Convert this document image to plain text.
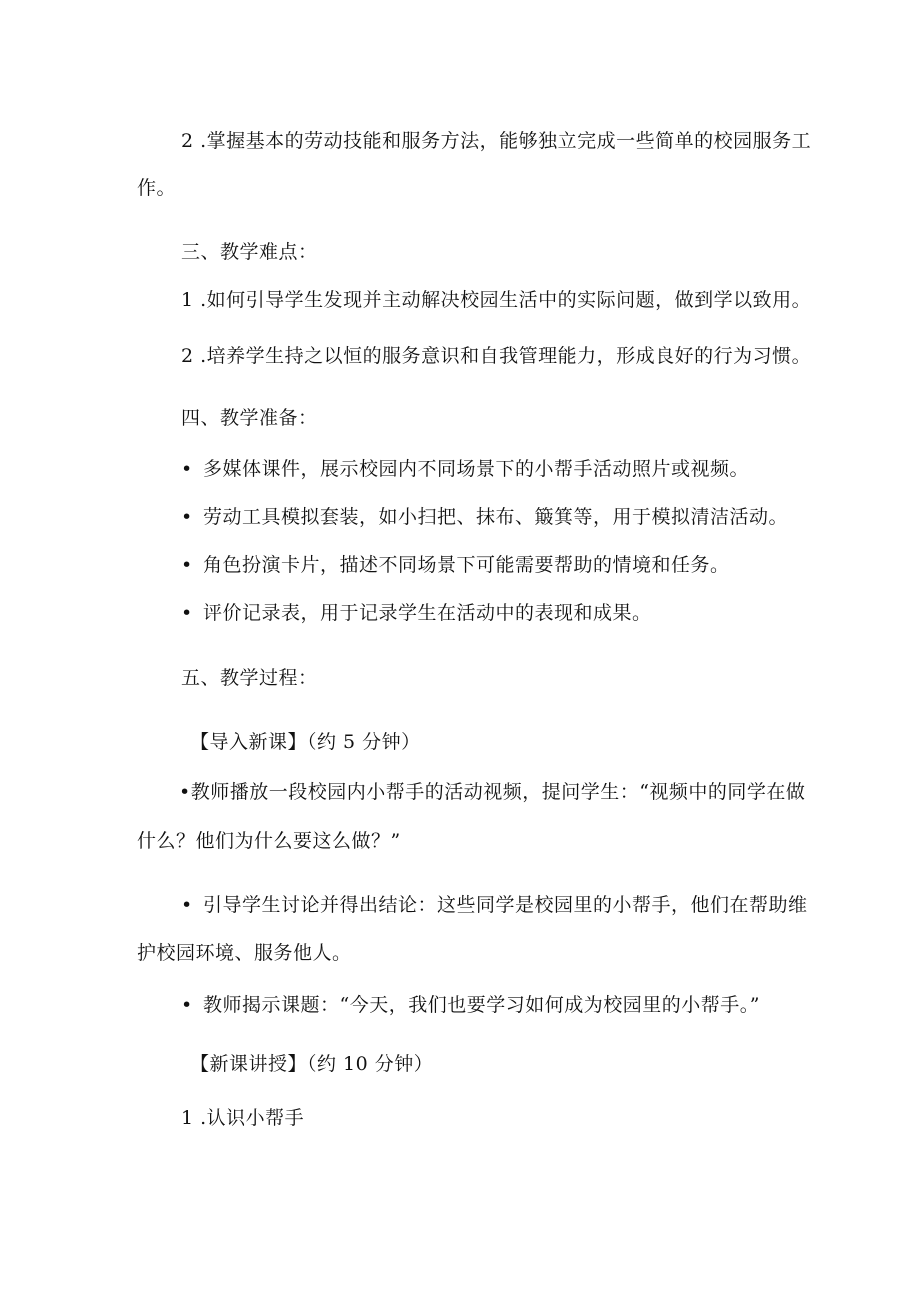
2 .掌握基本的劳动技能和服务方法，能够独立完成一些简单的校园服务工
作。
三、教学难点：
1 .如何引导学生发现并主动解决校园生活中的实际问题，做到学以致用。
2 .培养学生持之以恒的服务意识和自我管理能力，形成良好的行为习惯。
四、教学准备：
• 多媒体课件，展示校园内不同场景下的小帮手活动照片或视频。
• 劳动工具模拟套装，如小扫把、抹布、簸箕等，用于模拟清洁活动。
• 角色扮演卡片，描述不同场景下可能需要帮助的情境和任务。
• 评价记录表，用于记录学生在活动中的表现和成果。
五、教学过程：
【导入新课】（约 5 分钟）
•教师播放一段校园内小帮手的活动视频，提问学生：“视频中的同学在做
什么？他们为什么要这么做？”
• 引导学生讨论并得出结论：这些同学是校园里的小帮手，他们在帮助维
护校园环境、服务他人。
• 教师揭示课题：“今天，我们也要学习如何成为校园里的小帮手。”
【新课讲授】（约 10 分钟）
1 .认识小帮手
